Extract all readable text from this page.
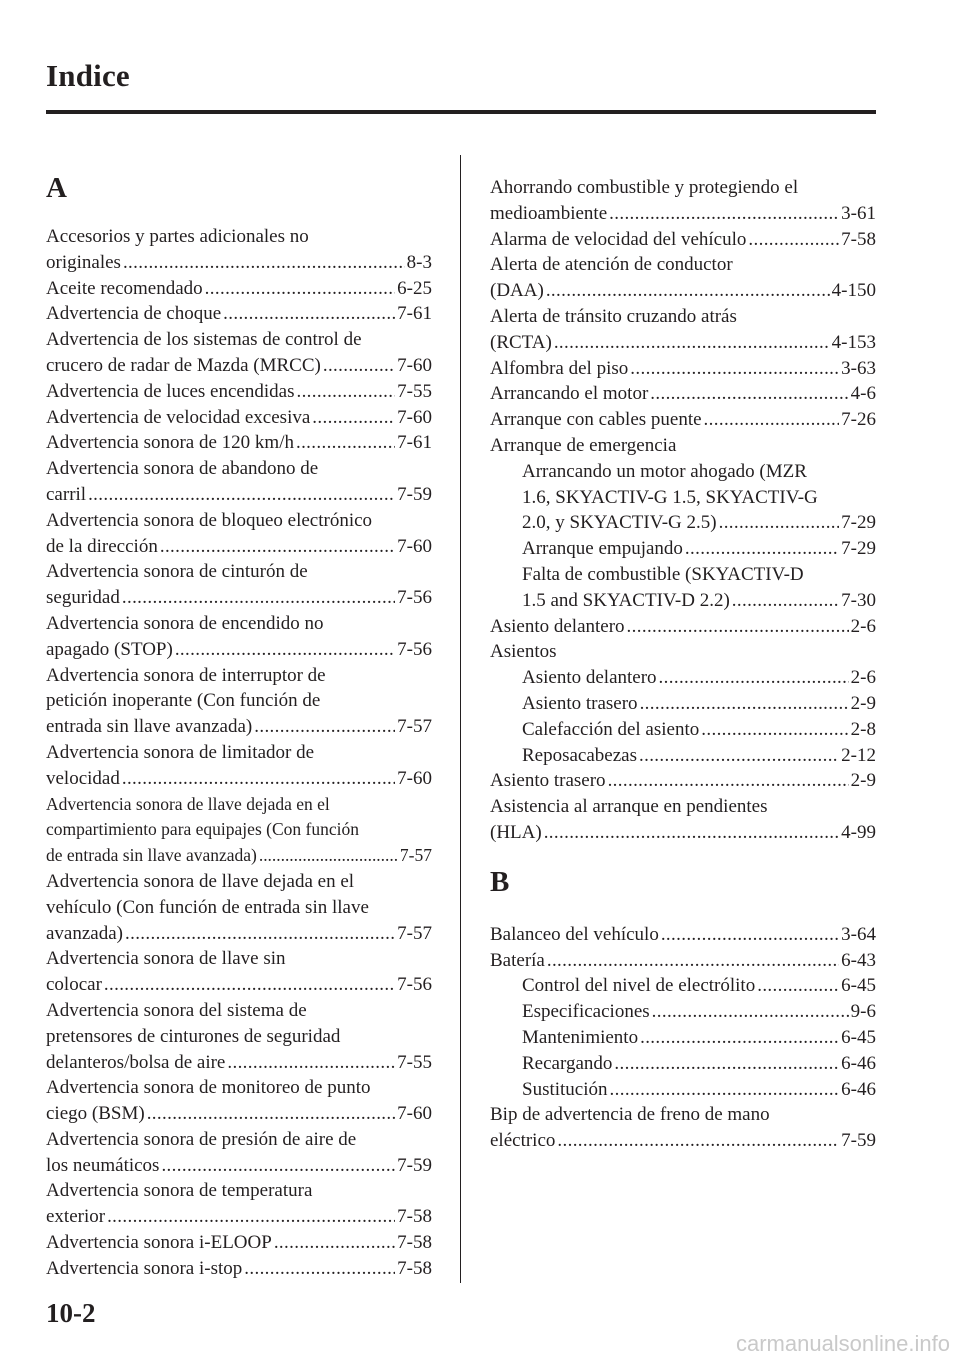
Indice
A
Accesorios y partes adicionales no
originales . . .	8-3
Aceite recomendado . . .	6-25
Advertencia de choque . . .	7-61
Advertencia de los sistemas de control de
crucero de radar de Mazda (MRCC) . . .	7-60
Advertencia de luces encendidas . . .	7-55
Advertencia de velocidad excesiva . . .	7-60
Advertencia sonora de 120 km/h . . .	7-61
Advertencia sonora de abandono de
carril . . .	7-59
Advertencia sonora de bloqueo electrónico
de la dirección . . .	7-60
Advertencia sonora de cinturón de
seguridad . . .	7-56
Advertencia sonora de encendido no
apagado (STOP) . . .	7-56
Advertencia sonora de interruptor de
petición inoperante (Con función de
entrada sin llave avanzada) . . .	7-57
Advertencia sonora de limitador de
velocidad . . .	7-60
Advertencia sonora de llave dejada en el
compartimiento para equipajes (Con función
de entrada sin llave avanzada) . . .	7-57
Advertencia sonora de llave dejada en el
vehículo (Con función de entrada sin llave
avanzada) . . .	7-57
Advertencia sonora de llave sin
colocar . . .	7-56
Advertencia sonora del sistema de
pretensores de cinturones de seguridad
delanteros/bolsa de aire . . .	7-55
Advertencia sonora de monitoreo de punto
ciego (BSM) . . .	7-60
Advertencia sonora de presión de aire de
los neumáticos . . .	7-59
Advertencia sonora de temperatura
exterior . . .	7-58
Advertencia sonora i-ELOOP . . .	7-58
Advertencia sonora i-stop . . .	7-58
Ahorrando combustible y protegiendo el
medioambiente . . .	3-61
Alarma de velocidad del vehículo . . .	7-58
Alerta de atención de conductor
(DAA) . . .	4-150
Alerta de tránsito cruzando atrás
(RCTA) . . .	4-153
Alfombra del piso . . .	3-63
Arrancando el motor . . .	4-6
Arranque con cables puente . . .	7-26
Arranque de emergencia
Arrancando un motor ahogado (MZR
1.6, SKYACTIV-G 1.5, SKYACTIV-G
2.0, y SKYACTIV-G 2.5) . . .	7-29
Arranque empujando . . .	7-29
Falta de combustible (SKYACTIV-D
1.5 and SKYACTIV-D 2.2) . . .	7-30
Asiento delantero . . .	2-6
Asientos
Asiento delantero . . .	2-6
Asiento trasero . . .	2-9
Calefacción del asiento . . .	2-8
Reposacabezas . . .	2-12
Asiento trasero . . .	2-9
Asistencia al arranque en pendientes
(HLA) . . .	4-99
B
Balanceo del vehículo . . .	3-64
Batería . . .	6-43
Control del nivel de electrólito . . .	6-45
Especificaciones . . .	9-6
Mantenimiento . . .	6-45
Recargando . . .	6-46
Sustitución . . .	6-46
Bip de advertencia de freno de mano
eléctrico . . .	7-59
10-2
carmanualsonline.info
